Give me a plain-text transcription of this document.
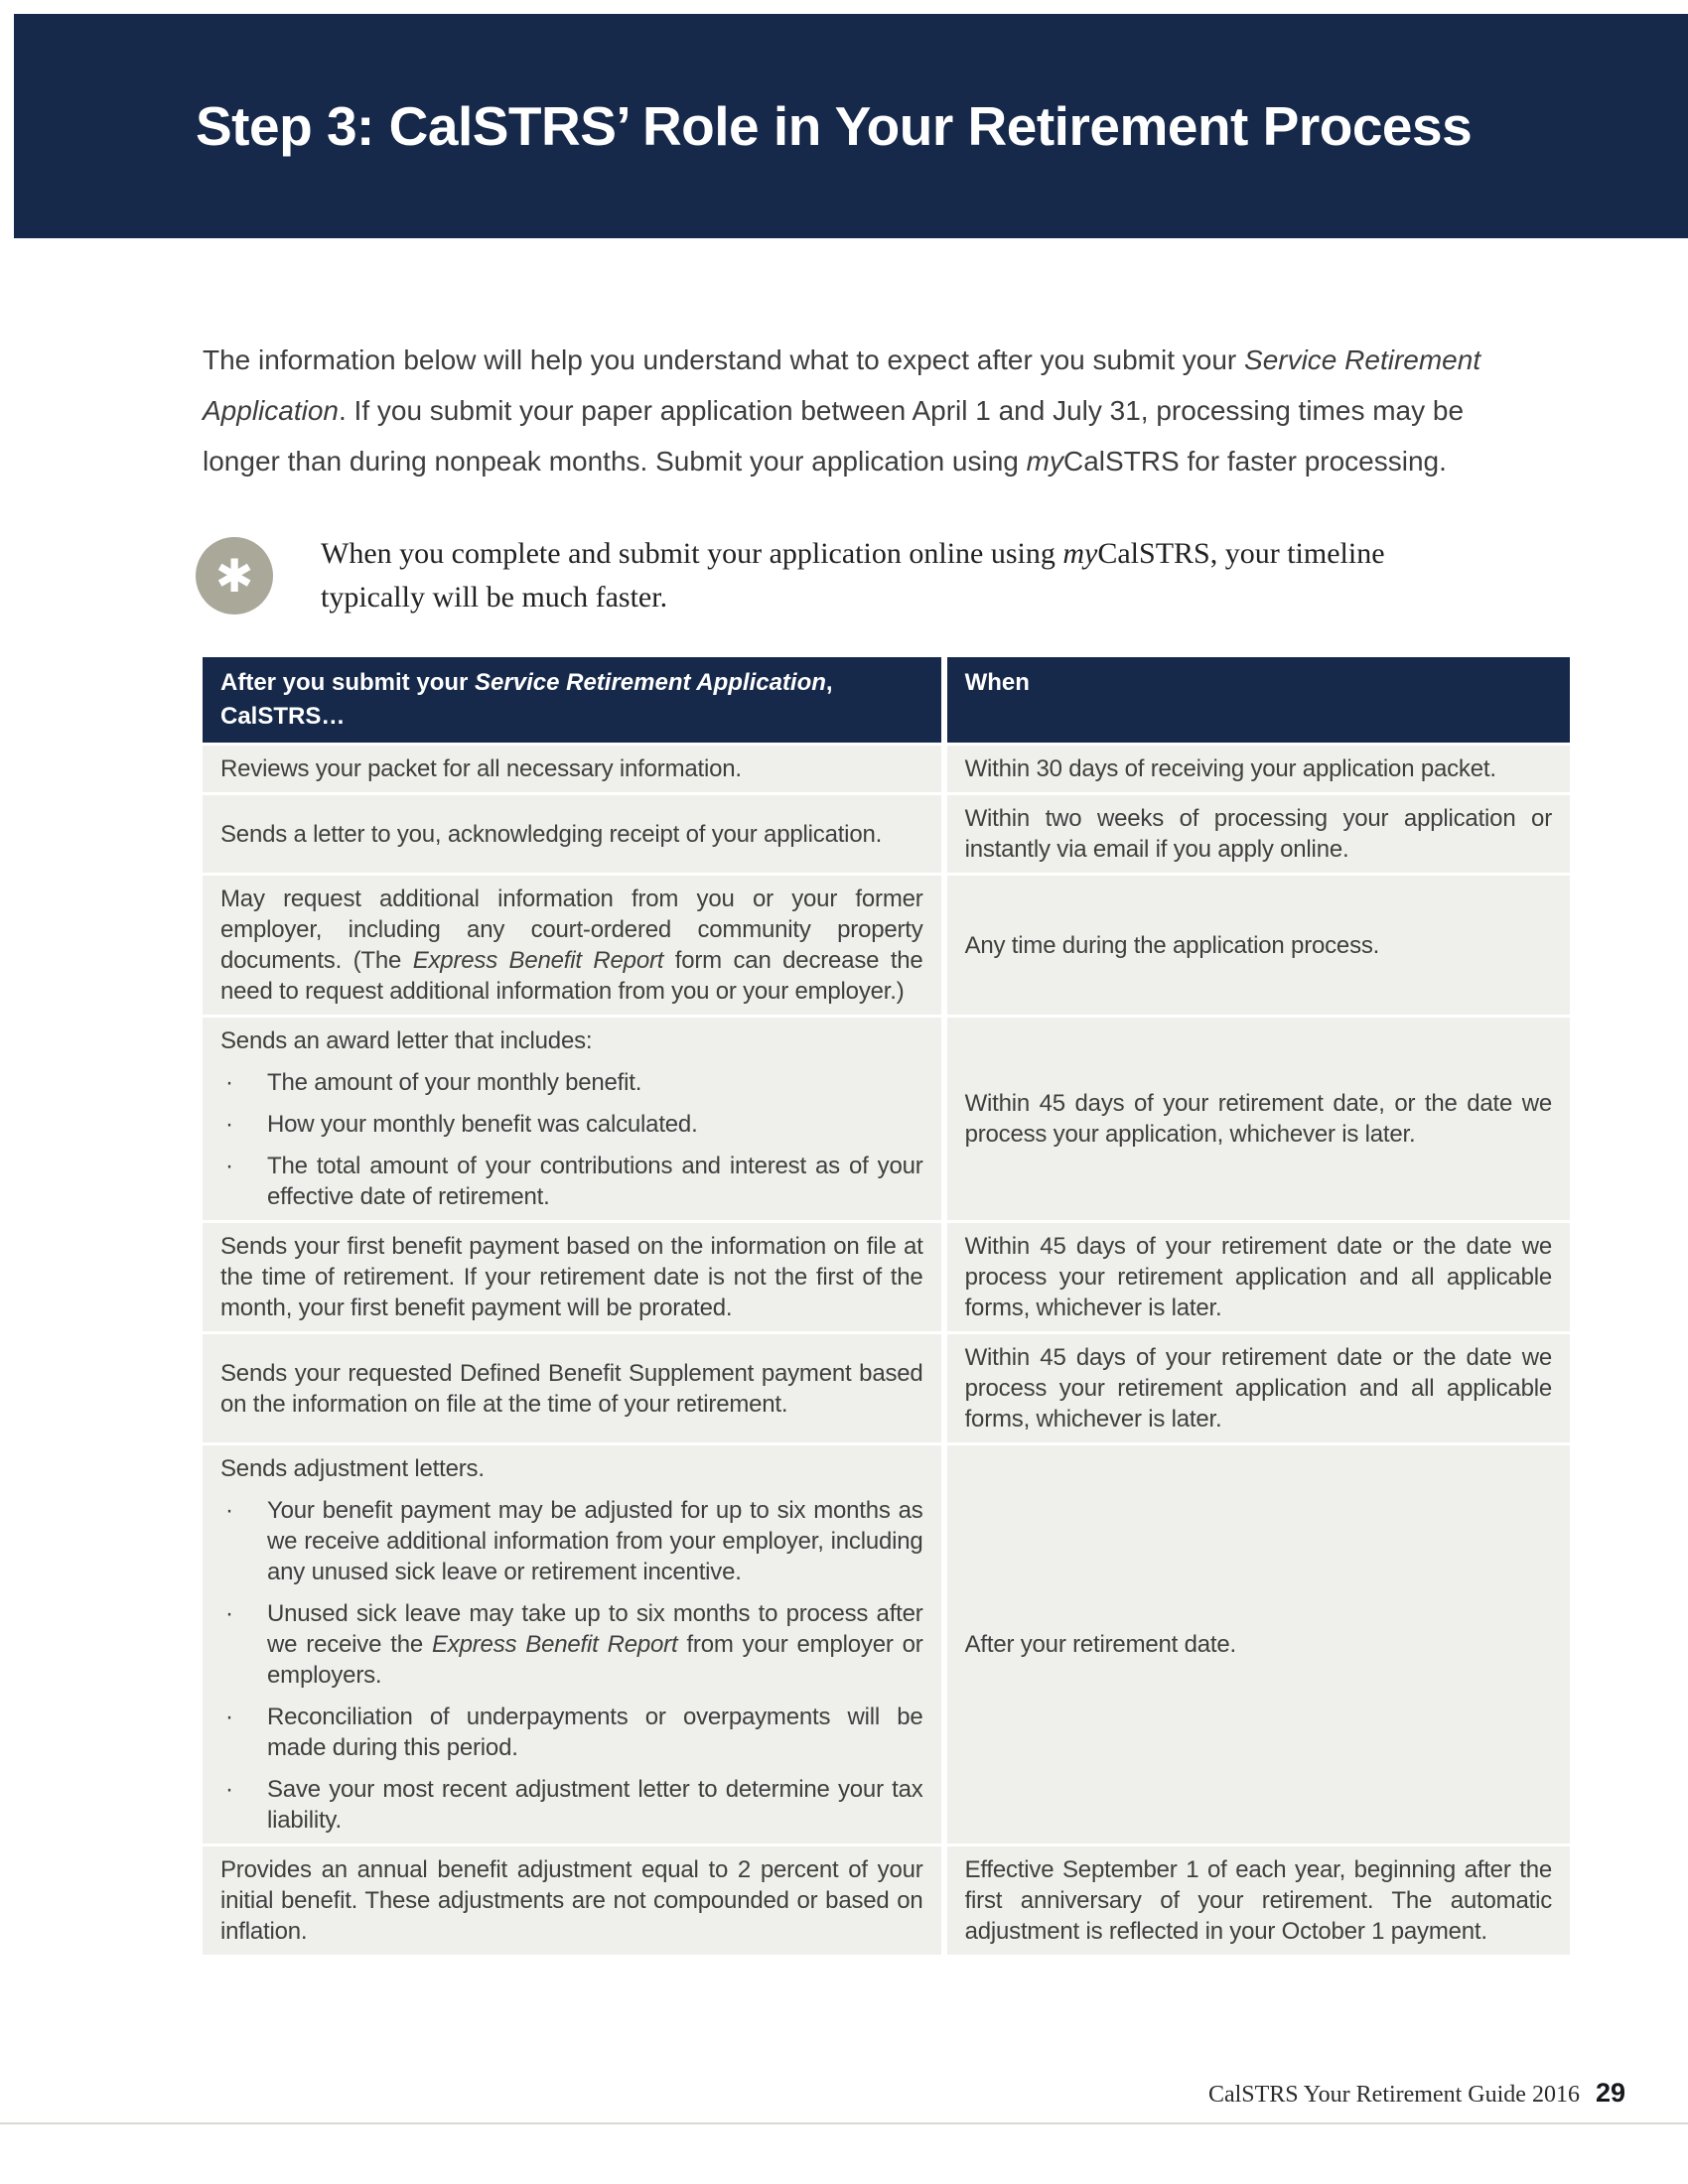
Step 3: CalSTRS’ Role in Your Retirement Process

The information below will help you understand what to expect after you submit your Service Retirement Application. If you submit your paper application between April 1 and July 31, processing times may be longer than during nonpeak months. Submit your application using myCalSTRS for faster processing.

✱ When you complete and submit your application online using myCalSTRS, your timeline typically will be much faster.

After you submit your Service Retirement Application, CalSTRS…	When

Reviews your packet for all necessary information.	Within 30 days of receiving your application packet.

Sends a letter to you, acknowledging receipt of your application.

Within two weeks of processing your application or instantly via email if you apply online.

May request additional information from you or your former employer, including any court-ordered community property documents. (The Express Benefit Report form can decrease the need to request additional information from you or your employer.)

Any time during the application process.

Sends an award letter that includes:

· The amount of your monthly benefit.
· How your monthly benefit was calculated.
· The total amount of your contributions and interest as of your effective date of retirement.

Within 45 days of your retirement date, or the date we process your application, whichever is later.

Sends your first benefit payment based on the information on file at the time of retirement. If your retirement date is not the first of the month, your first benefit payment will be prorated.

Within 45 days of your retirement date or the date we process your retirement application and all applicable forms, whichever is later.

Sends your requested Defined Benefit Supplement payment based on the information on file at the time of your retirement.

Within 45 days of your retirement date or the date we process your retirement application and all applicable forms, whichever is later.

Sends adjustment letters.

· Your benefit payment may be adjusted for up to six months as we receive additional information from your employer, including any unused sick leave or retirement incentive.
· Unused sick leave may take up to six months to process after we receive the Express Benefit Report from your employer or employers.
· Reconciliation of underpayments or overpayments will be made during this period.
· Save your most recent adjustment letter to determine your tax liability.

After your retirement date.

Provides an annual benefit adjustment equal to 2 percent of your initial benefit. These adjustments are not compounded or based on inflation.

Effective September 1 of each year, beginning after the first anniversary of your retirement. The automatic adjustment is reflected in your October 1 payment.

CalSTRS Your Retirement Guide 2016 29
